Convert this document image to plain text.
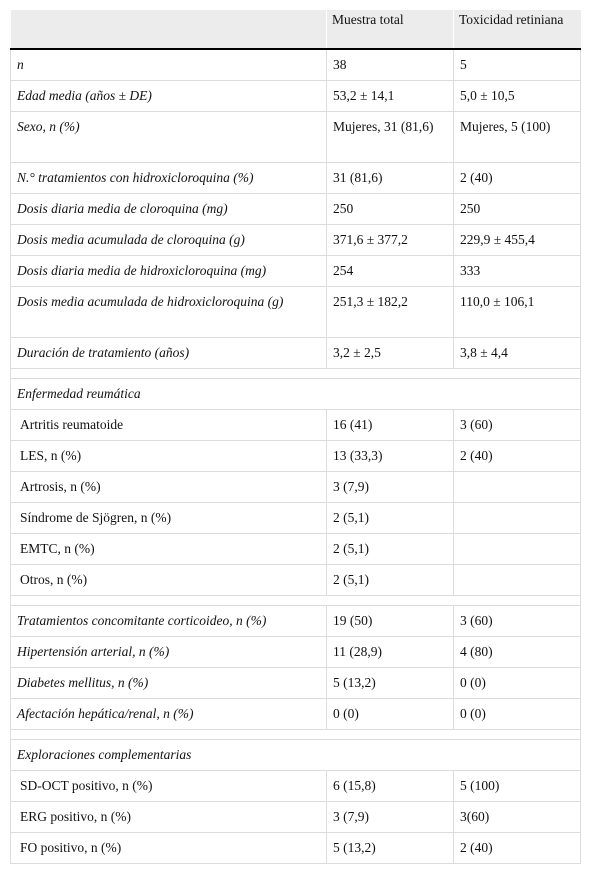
	Muestra total	Toxicidad retiniana
n	38	5
Edad media (años ± DE)	53,2 ± 14,1	5,0 ± 10,5
Sexo, n (%)	Mujeres, 31 (81,6)	Mujeres, 5 (100)
N.° tratamientos con hidroxicloroquina (%)	31 (81,6)	2 (40)
Dosis diaria media de cloroquina (mg)	250	250
Dosis media acumulada de cloroquina (g)	371,6 ± 377,2	229,9 ± 455,4
Dosis diaria media de hidroxicloroquina (mg)	254	333
Dosis media acumulada de hidroxicloroquina (g)	251,3 ± 182,2	110,0 ± 106,1
Duración de tratamiento (años)	3,2 ± 2,5	3,8 ± 4,4

Enfermedad reumática		
Artritis reumatoide	16 (41)	3 (60)
LES, n (%)	13 (33,3)	2 (40)
Artrosis, n (%)	3 (7,9)	
Síndrome de Sjögren, n (%)	2 (5,1)	
EMTC, n (%)	2 (5,1)	
Otros, n (%)	2 (5,1)	

Tratamientos concomitante corticoideo, n (%)	19 (50)	3 (60)
Hipertensión arterial, n (%)	11 (28,9)	4 (80)
Diabetes mellitus, n (%)	5 (13,2)	0 (0)
Afectación hepática/renal, n (%)	0 (0)	0 (0)

Exploraciones complementarias		
SD-OCT positivo, n (%)	6 (15,8)	5 (100)
ERG positivo, n (%)	3 (7,9)	3(60)
FO positivo, n (%)	5 (13,2)	2 (40)
